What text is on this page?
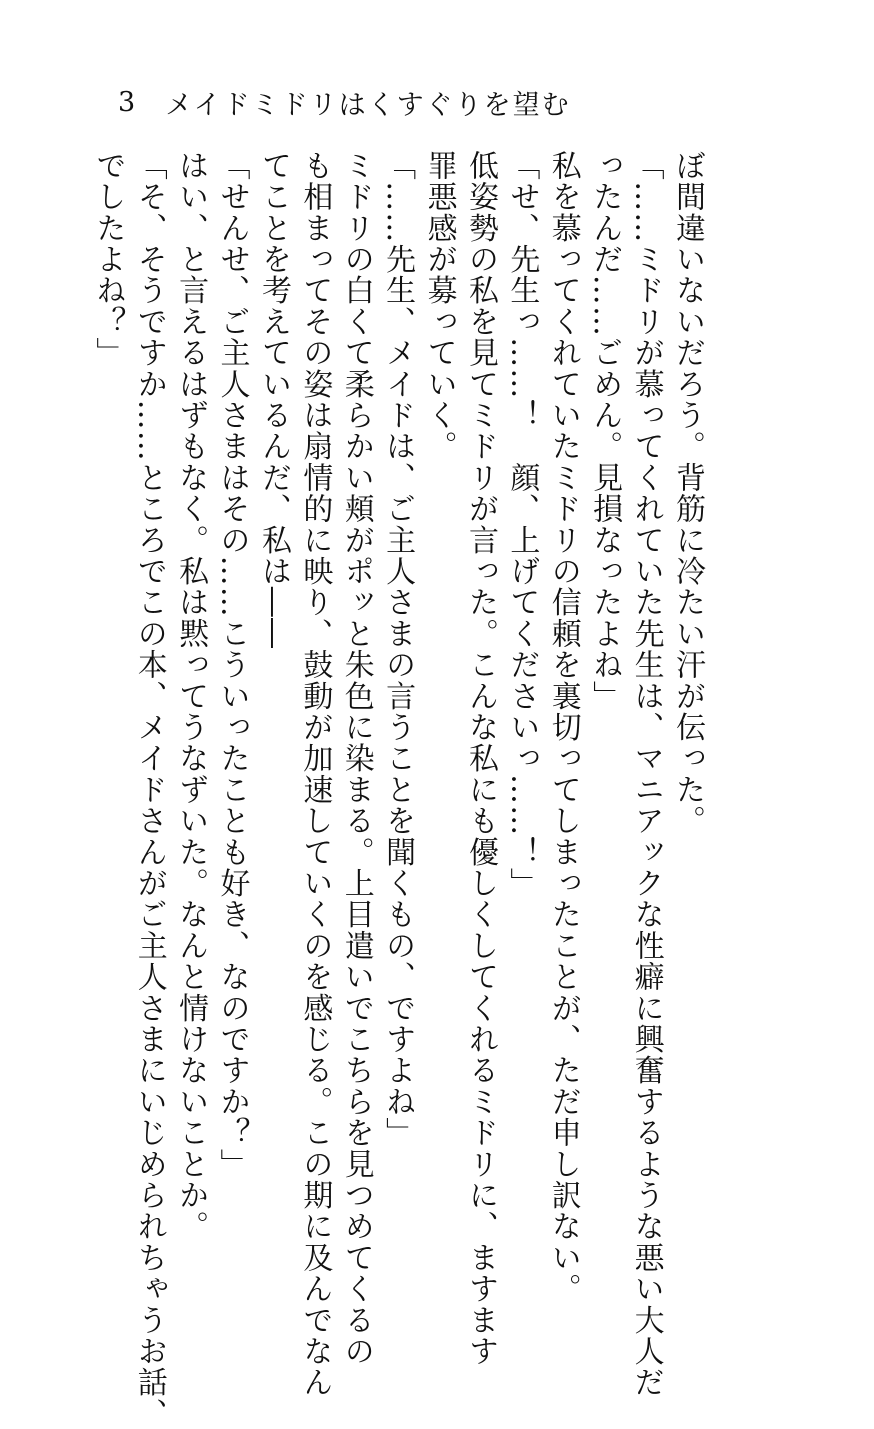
3 メイドミドリはくすぐりを望む
ぼ間違いないだろう。背筋に冷たい汗が伝った。
「……ミドリが慕ってくれていた先生は、マニアックな性癖に興奮するような悪い大人だ
ったんだ……ごめん。見損なったよね」
私を慕ってくれていたミドリの信頼を裏切ってしまったことが、ただ申し訳ない。
「せ、先生っ……！　顔、上げてくださいっ……！」
低姿勢の私を見てミドリが言った。こんな私にも優しくしてくれるミドリに、ますます
罪悪感が募っていく。
「……先生、メイドは、ご主人さまの言うことを聞くもの、ですよね」
ミドリの白くて柔らかい頬がポッと朱色に染まる。上目遣いでこちらを見つめてくるの
も相まってその姿は扇情的に映り、鼓動が加速していくのを感じる。この期に及んでなん
てことを考えているんだ、私は――
「せんせ、ご主人さまはその……こういったことも好き、なのですか？」
はい、と言えるはずもなく。私は黙ってうなずいた。なんと情けないことか。
「そ、そうですか……ところでこの本、メイドさんがご主人さまにいじめられちゃうお話、
でしたよね？」
